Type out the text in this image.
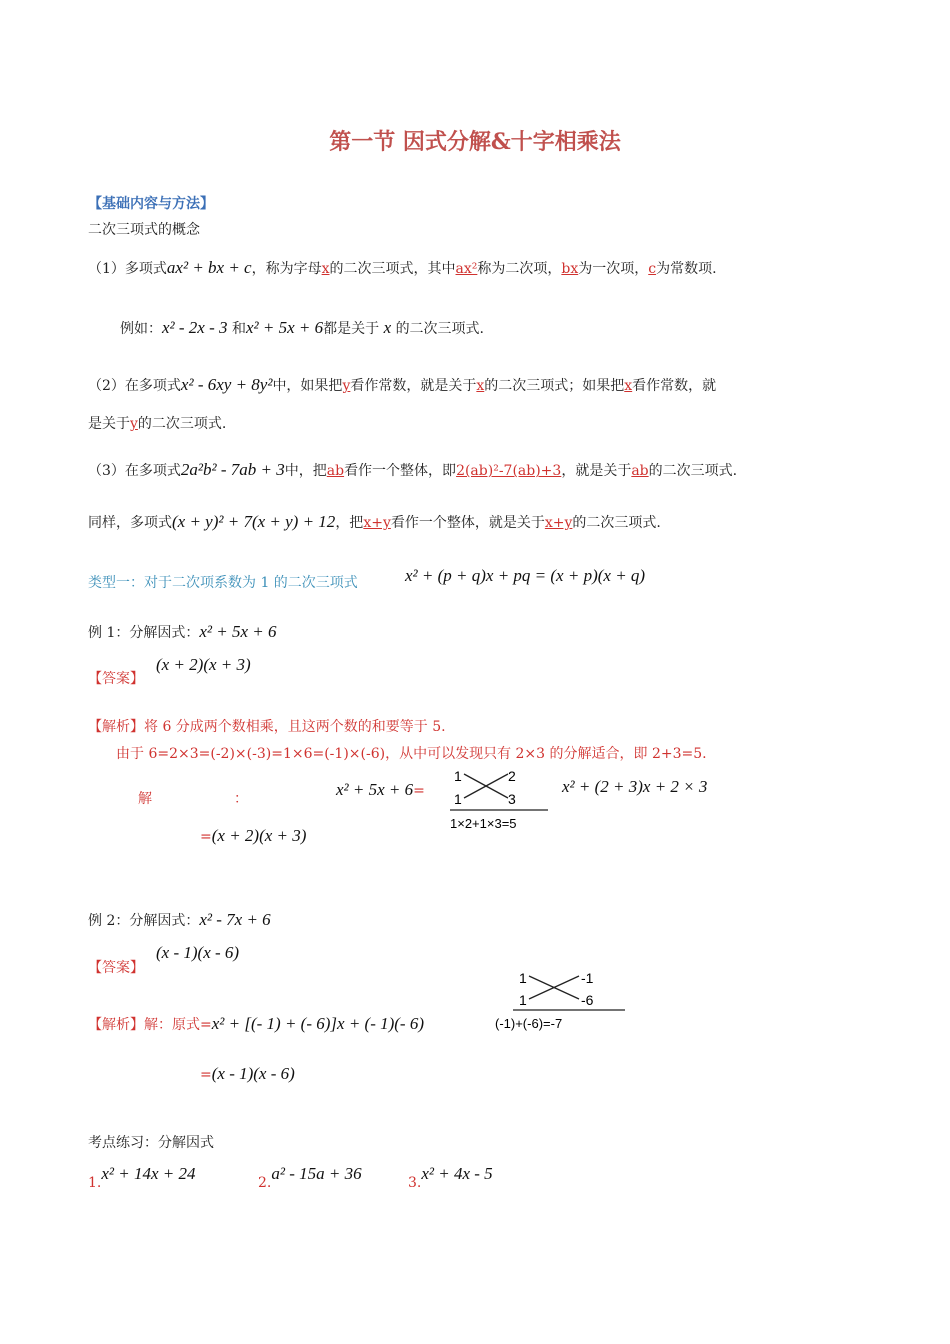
第一节 因式分解&十字相乘法
【基础内容与方法】
二次三项式的概念
（1）多项式ax² + bx + c，称为字母x的二次三项式，其中ax²称为二次项，bx为一次项，c为常数项.
例如：x² - 2x - 3 和x² + 5x + 6都是关于 x 的二次三项式.
（2）在多项式x² - 6xy + 8y²中，如果把y看作常数，就是关于x的二次三项式；如果把x看作常数，就
是关于y的二次三项式.
（3）在多项式2a²b² - 7ab + 3中，把ab看作一个整体，即2(ab)²-7(ab)+3，就是关于ab的二次三项式.
同样，多项式(x + y)² + 7(x + y) + 12，把x+y看作一个整体，就是关于x+y的二次三项式.
类型一：对于二次项系数为 1 的二次三项式	x² + (p + q)x + pq = (x + p)(x + q)
例 1：分解因式：x² + 5x + 6
【答案】
(x + 2)(x + 3)
【解析】将 6 分成两个数相乘，且这两个数的和要等于 5.
由于 6=2×3=(-2)×(-3)=1×6=(-1)×(-6)，从中可以发现只有 2×3 的分解适合，即 2+3=5.
解	：	x² + 5x + 6=
1	2
1	3
1×2+1×3=5
x² + (2 + 3)x + 2 × 3
=(x + 2)(x + 3)
例 2：分解因式：x² - 7x + 6
【答案】
(x - 1)(x - 6)
1	-1
1	-6
(-1)+(-6)=-7
【解析】解：原式=x² + [(- 1) + (- 6)]x + (- 1)(- 6)
=(x - 1)(x - 6)
考点练习：分解因式
1.x² + 14x + 24	2.a² - 15a + 36	3.x² + 4x - 5
